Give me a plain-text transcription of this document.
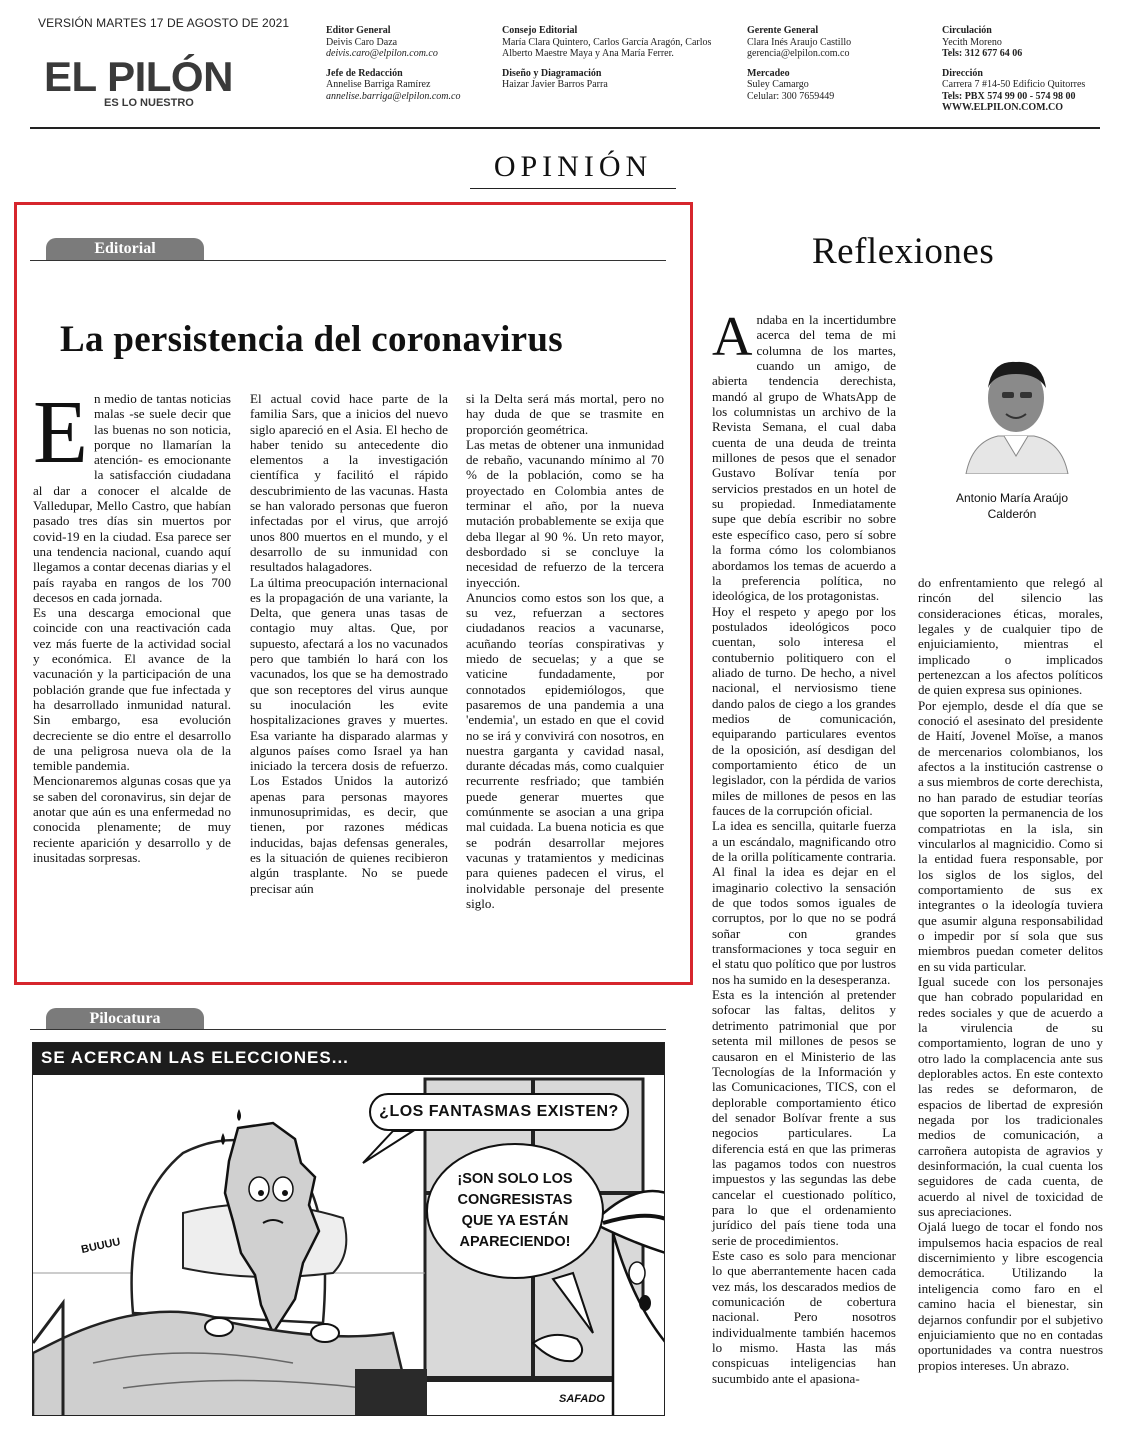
VERSIÓN MARTES 17 DE AGOSTO DE 2021
EL PILÓN
ES LO NUESTRO
Editor General
Deivis Caro Daza
deivis.caro@elpilon.com.co
Jefe de Redacción
Annelise Barriga Ramírez
annelise.barriga@elpilon.com.co
Consejo Editorial
María Clara Quintero, Carlos García Aragón, Carlos Alberto Maestre Maya y Ana María Ferrer.
Diseño y Diagramación
Haizar Javier Barros Parra
Gerente General
Clara Inés Araujo Castillo
gerencia@elpilon.com.co
Mercadeo
Suley Camargo
Celular: 300 7659449
Circulación
Yecith Moreno
Tels: 312 677 64 06
Dirección
Carrera 7 #14-50 Edificio Quitorres
Tels: PBX 574 99 00 - 574 98 00
WWW.ELPILON.COM.CO
OPINIÓN
Editorial
La persistencia del coronavirus
E n medio de tantas noticias malas -se suele decir que las buenas no son noticia, porque no llamarían la atención- es emocionante la satisfacción ciudadana al dar a conocer el alcalde de Valledupar, Mello Castro, que habían pasado tres días sin muertos por covid-19 en la ciudad. Esa parece ser una tendencia nacional, cuando aquí llegamos a contar decenas diarias y el país rayaba en rangos de los 700 decesos en cada jornada.

Es una descarga emocional que coincide con una reactivación cada vez más fuerte de la actividad social y económica. El avance de la vacunación y la participación de una población grande que fue infectada y ha desarrollado inmunidad natural. Sin embargo, esa evolución decreciente se dio entre el desarrollo de una peligrosa nueva ola de la temible pandemia.

Mencionaremos algunas cosas que ya se saben del coronavirus, sin dejar de anotar que aún es una enfermedad no conocida plenamente; de muy reciente aparición y desarrollo y de inusitadas sorpresas.

El actual covid hace parte de la familia Sars, que a inicios del nuevo siglo apareció en el Asia. El hecho de haber tenido su antecedente dio elementos a la investigación científica y facilitó el rápido descubrimiento de las vacunas. Hasta se han valorado personas que fueron infectadas por el virus, que arrojó unos 800 muertos en el mundo, y el desarrollo de su inmunidad con resultados halagadores.

La última preocupación internacional es la propagación de una variante, la Delta, que genera unas tasas de contagio muy altas. Que, por supuesto, afectará a los no vacunados pero que también lo hará con los vacunados, los que se ha demostrado que son receptores del virus aunque su inoculación les evite hospitalizaciones graves y muertes. Esa variante ha disparado alarmas y algunos países como Israel ya han iniciado la tercera dosis de refuerzo. Los Estados Unidos la autorizó apenas para personas mayores inmunosuprimidas, es decir, que tienen, por razones médicas inducidas, bajas defensas generales, es la situación de quienes recibieron algún trasplante. No se puede precisar aún

si la Delta será más mortal, pero no hay duda de que se trasmite en proporción geométrica.

Las metas de obtener una inmunidad de rebaño, vacunando mínimo al 70 % de la población, como se ha proyectado en Colombia antes de terminar el año, por la nueva mutación probablemente se exija que deba llegar al 90 %. Un reto mayor, desbordado si se concluye la necesidad de refuerzo de la tercera inyección.

Anuncios como estos son los que, a su vez, refuerzan a sectores ciudadanos reacios a vacunarse, acuñando teorías conspirativas y miedo de secuelas; y a que se vaticine fundadamente, por connotados epidemiólogos, que pasaremos de una pandemia a una 'endemia', un estado en que el covid no se irá y convivirá con nosotros, en nuestra garganta y cavidad nasal, durante décadas más, como cualquier recurrente resfriado; que también puede generar muertes que comúnmente se asocian a una gripa mal cuidada. La buena noticia es que se podrán desarrollar mejores vacunas y tratamientos y medicinas para quienes padecen el virus, el inolvidable personaje del presente siglo.

Pilocatura
SE ACERCAN LAS ELECCIONES...
¿LOS FANTASMAS EXISTEN?
¡SON SOLO LOS
CONGRESISTAS
QUE YA ESTÁN
APARECIENDO!
BUUUU
SAFADO
Reflexiones
A ndaba en la incertidumbre acerca del tema de mi columna de los martes, cuando un amigo, de abierta tendencia derechista, mandó al grupo de WhatsApp de los columnistas un archivo de la Revista Semana, el cual daba cuenta de una deuda de treinta millones de pesos que el senador Gustavo Bolívar tenía por servicios prestados en un hotel de su propiedad. Inmediatamente supe que debía escribir no sobre este específico caso, pero sí sobre la forma cómo los colombianos abordamos los temas de acuerdo a la preferencia política, no ideológica, de los protagonistas.

Hoy el respeto y apego por los postulados ideológicos poco cuentan, solo interesa el contubernio politiquero con el aliado de turno. De hecho, a nivel nacional, el nerviosismo tiene dando palos de ciego a los grandes medios de comunicación, equiparando particulares eventos de la oposición, así desdigan del comportamiento ético de un legislador, con la pérdida de varios miles de millones de pesos en las fauces de la corrupción oficial.

La idea es sencilla, quitarle fuerza a un escándalo, magnificando otro de la orilla políticamente contraria. Al final la idea es dejar en el imaginario colectivo la sensación de que todos somos iguales de corruptos, por lo que no se podrá soñar con grandes transformaciones y toca seguir en el statu quo político que por lustros nos ha sumido en la desesperanza.

Esta es la intención al pretender sofocar las faltas, delitos y detrimento patrimonial que por setenta mil millones de pesos se causaron en el Ministerio de las Tecnologías de la Información y las Comunicaciones, TICS, con el deplorable comportamiento ético del senador Bolívar frente a sus negocios particulares. La diferencia está en que las primeras las pagamos todos con nuestros impuestos y las segundas las debe cancelar el cuestionado político, para lo que el ordenamiento jurídico del país tiene toda una serie de procedimientos.

Este caso es solo para mencionar lo que aberrantemente hacen cada vez más, los descarados medios de comunicación de cobertura nacional. Pero nosotros individualmente también hacemos lo mismo. Hasta las más conspicuas inteligencias han sucumbido ante el apasiona-

Antonio María Araújo Calderón

do enfrentamiento que relegó al rincón del silencio las consideraciones éticas, morales, legales y de cualquier tipo de enjuiciamiento, mientras el implicado o implicados pertenezcan a los afectos políticos de quien expresa sus opiniones.

Por ejemplo, desde el día que se conoció el asesinato del presidente de Haití, Jovenel Moïse, a manos de mercenarios colombianos, los afectos a la institución castrense o a sus miembros de corte derechista, no han parado de estudiar teorías que soporten la permanencia de los compatriotas en la isla, sin vincularlos al magnicidio. Como si la entidad fuera responsable, por los siglos de los siglos, del comportamiento de sus ex integrantes o la ideología tuviera que asumir alguna responsabilidad o impedir por sí sola que sus miembros puedan cometer delitos en su vida particular.

Igual sucede con los personajes que han cobrado popularidad en redes sociales y que de acuerdo a la virulencia de su comportamiento, logran de uno y otro lado la complacencia ante sus deplorables actos. En este contexto las redes se deformaron, de espacios de libertad de expresión negada por los tradicionales medios de comunicación, a carroñera autopista de agravios y desinformación, la cual cuenta los seguidores de cada cuenta, de acuerdo al nivel de toxicidad de sus apreciaciones.

Ojalá luego de tocar el fondo nos impulsemos hacia espacios de real discernimiento y libre escogencia democrática. Utilizando la inteligencia como faro en el camino hacia el bienestar, sin dejarnos confundir por el subjetivo enjuiciamiento que no en contadas oportunidades va contra nuestros propios intereses. Un abrazo.
